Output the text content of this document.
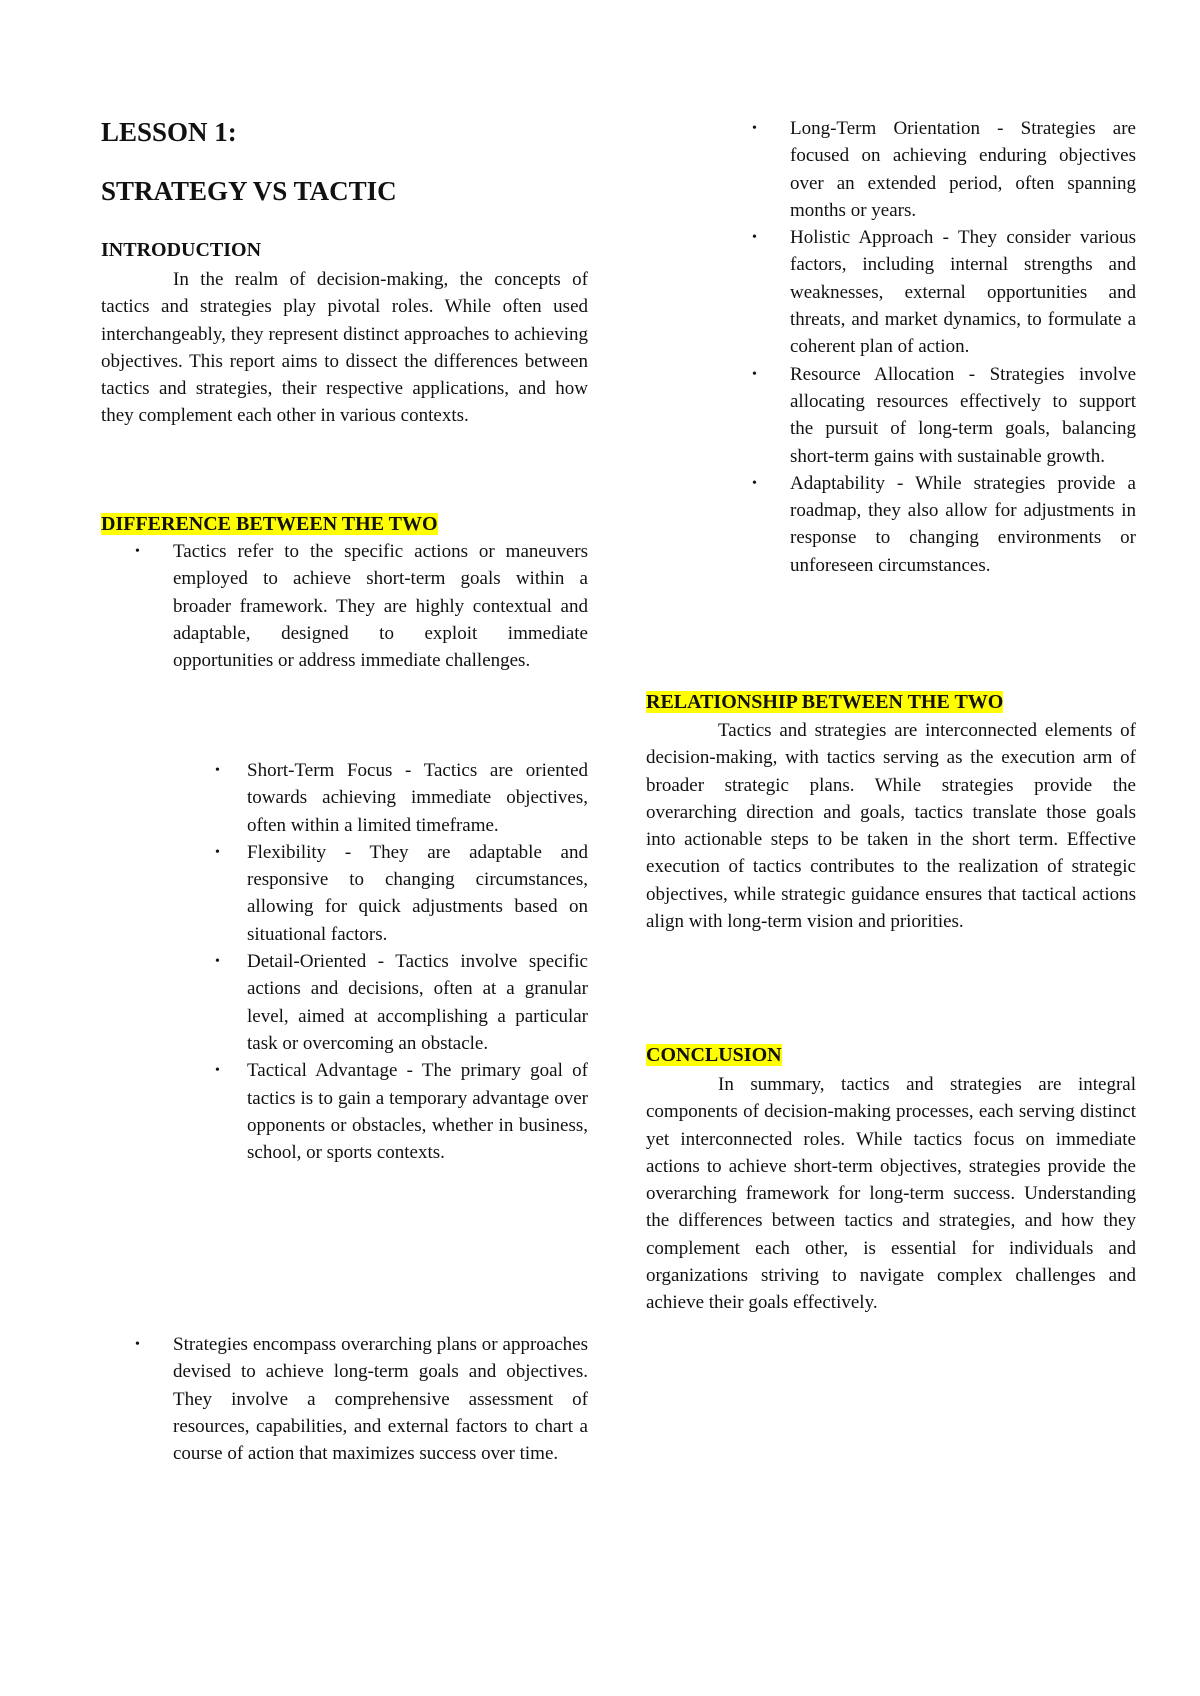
LESSON 1:
STRATEGY VS TACTIC
INTRODUCTION

In the realm of decision-making, the concepts of tactics and strategies play pivotal roles. While often used interchangeably, they represent distinct approaches to achieving objectives. This report aims to dissect the differences between tactics and strategies, their respective applications, and how they complement each other in various contexts.

DIFFERENCE BETWEEN THE TWO
• Tactics refer to the specific actions or maneuvers employed to achieve short-term goals within a broader framework. They are highly contextual and adaptable, designed to exploit immediate opportunities or address immediate challenges.
• Short-Term Focus - Tactics are oriented towards achieving immediate objectives, often within a limited timeframe.
• Flexibility - They are adaptable and responsive to changing circumstances, allowing for quick adjustments based on situational factors.
• Detail-Oriented - Tactics involve specific actions and decisions, often at a granular level, aimed at accomplishing a particular task or overcoming an obstacle.
• Tactical Advantage - The primary goal of tactics is to gain a temporary advantage over opponents or obstacles, whether in business, school, or sports contexts.
• Strategies encompass overarching plans or approaches devised to achieve long-term goals and objectives. They involve a comprehensive assessment of resources, capabilities, and external factors to chart a course of action that maximizes success over time.
• Long-Term Orientation - Strategies are focused on achieving enduring objectives over an extended period, often spanning months or years.
• Holistic Approach - They consider various factors, including internal strengths and weaknesses, external opportunities and threats, and market dynamics, to formulate a coherent plan of action.
• Resource Allocation - Strategies involve allocating resources effectively to support the pursuit of long-term goals, balancing short-term gains with sustainable growth.
• Adaptability - While strategies provide a roadmap, they also allow for adjustments in response to changing environments or unforeseen circumstances.
RELATIONSHIP BETWEEN THE TWO

Tactics and strategies are interconnected elements of decision-making, with tactics serving as the execution arm of broader strategic plans. While strategies provide the overarching direction and goals, tactics translate those goals into actionable steps to be taken in the short term. Effective execution of tactics contributes to the realization of strategic objectives, while strategic guidance ensures that tactical actions align with long-term vision and priorities.

CONCLUSION

In summary, tactics and strategies are integral components of decision-making processes, each serving distinct yet interconnected roles. While tactics focus on immediate actions to achieve short-term objectives, strategies provide the overarching framework for long-term success. Understanding the differences between tactics and strategies, and how they complement each other, is essential for individuals and organizations striving to navigate complex challenges and achieve their goals effectively.
